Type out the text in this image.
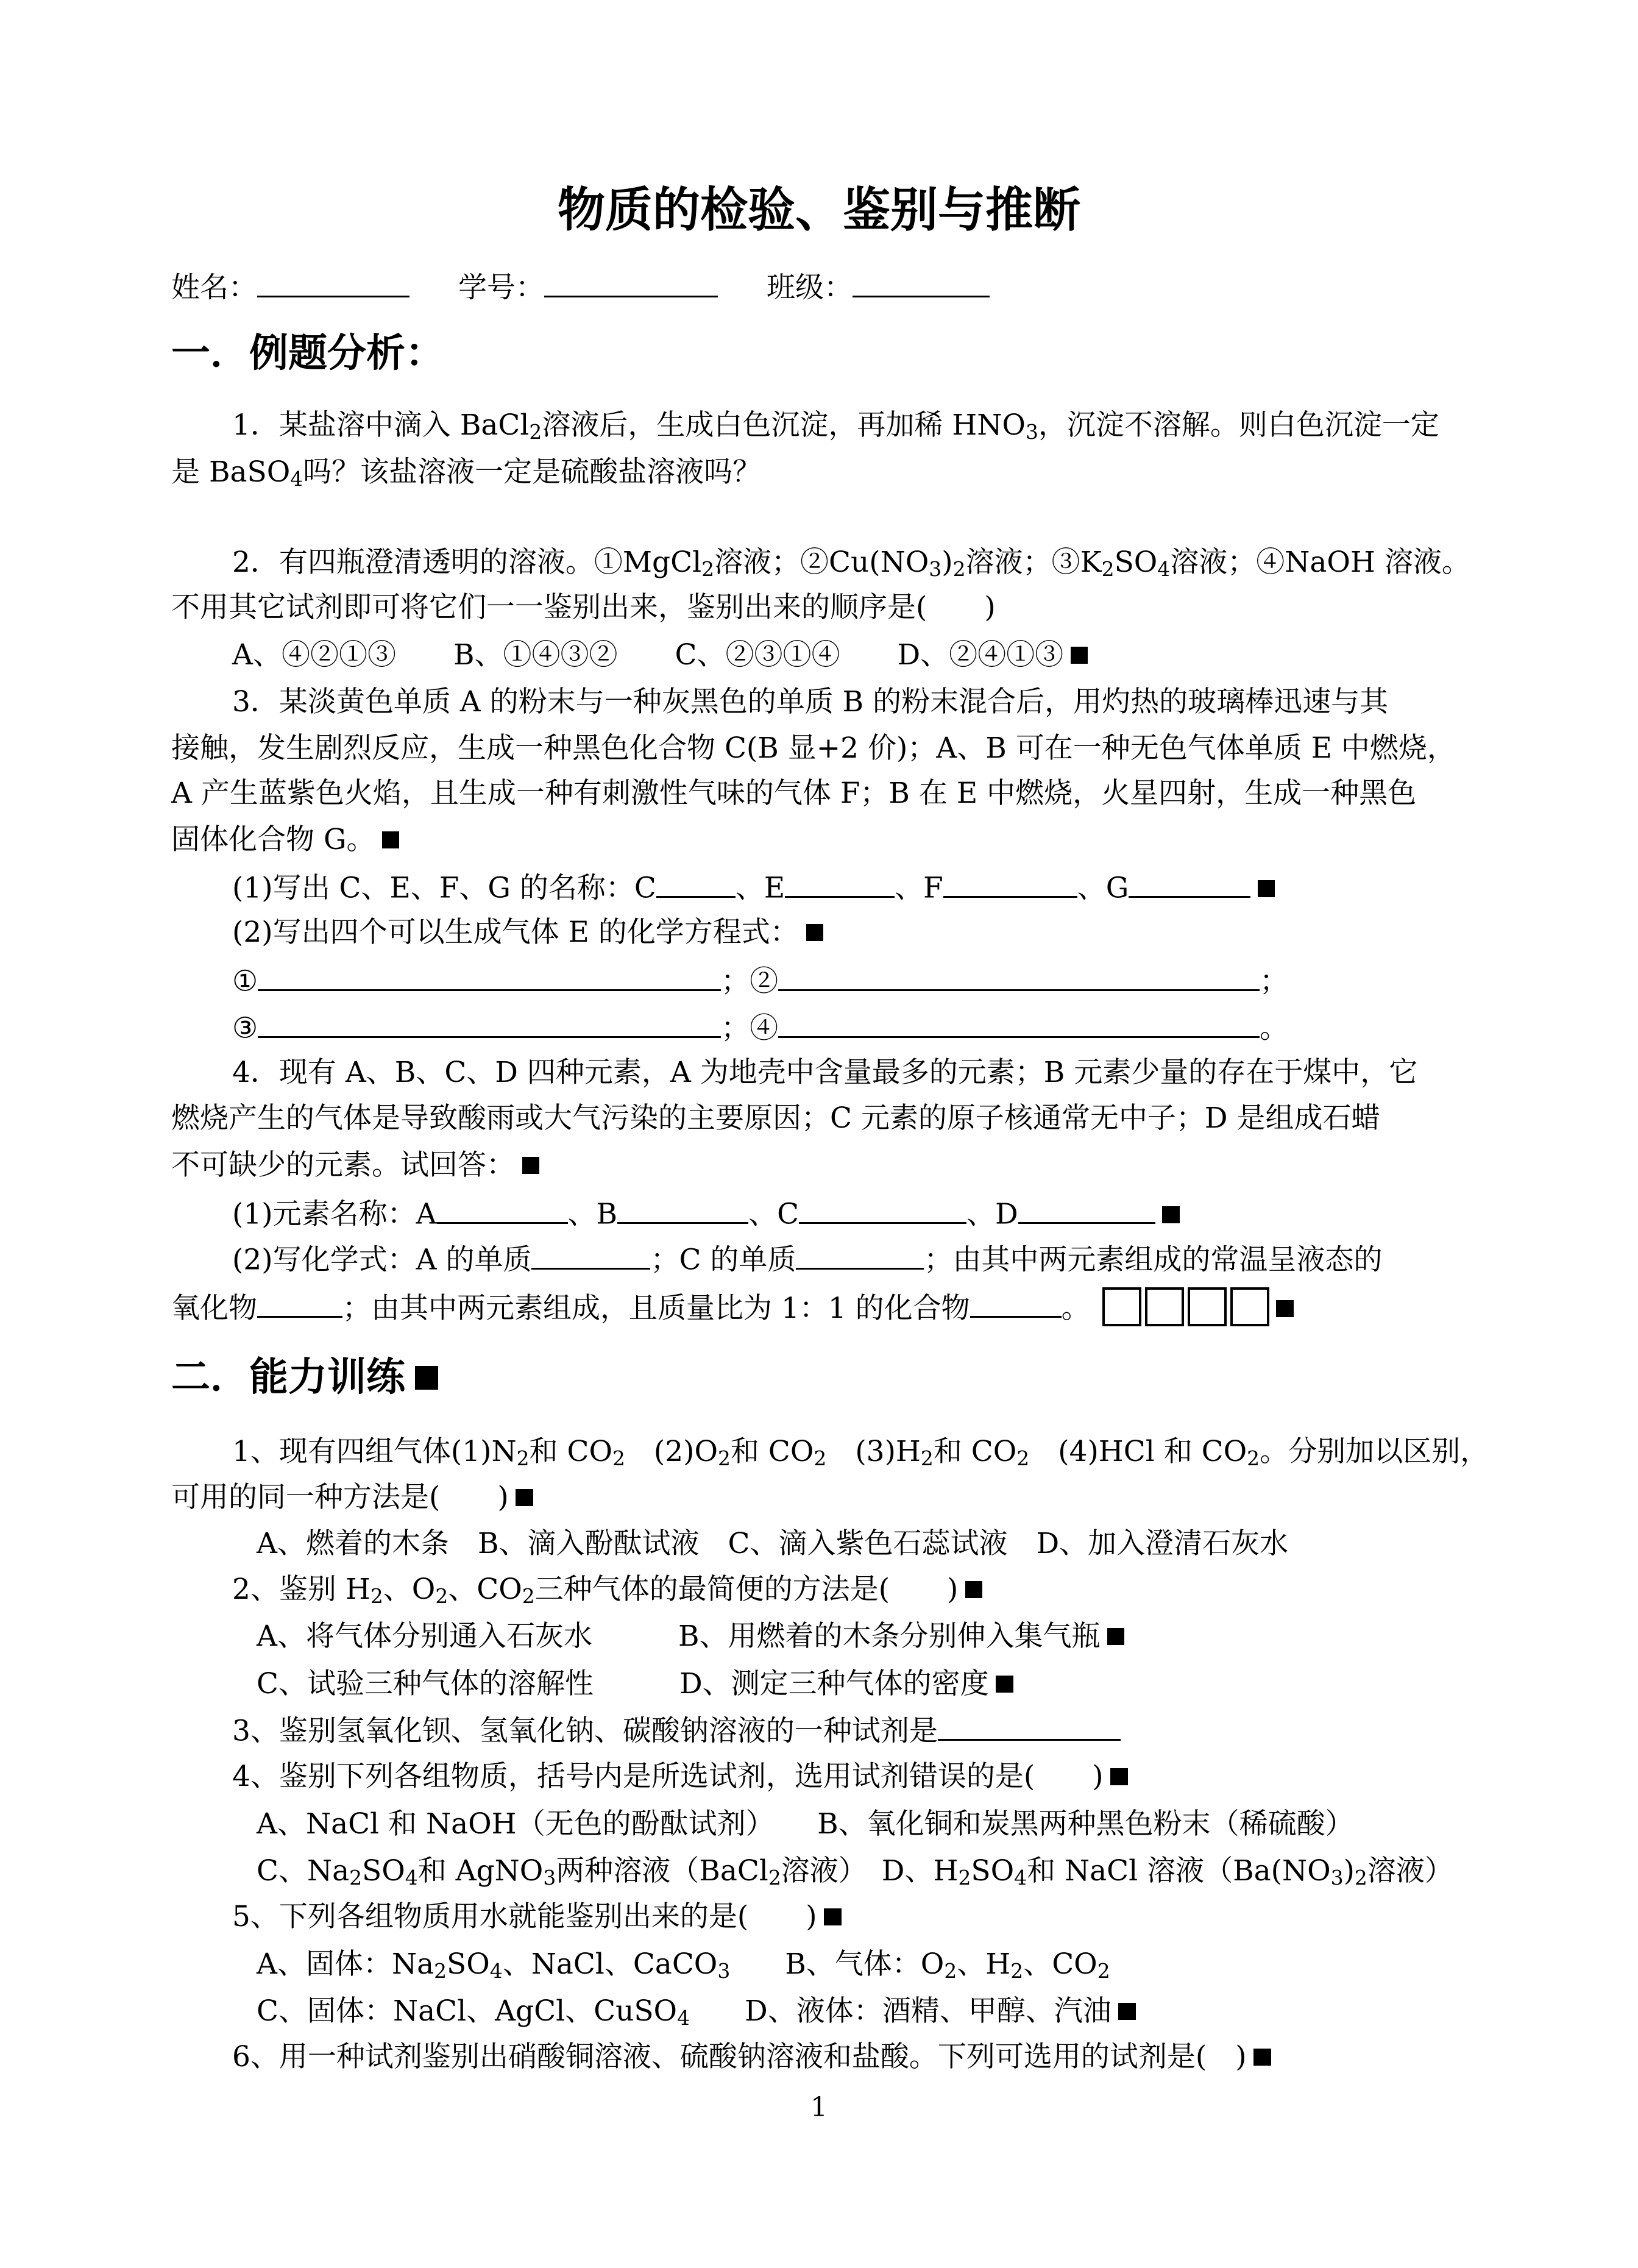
物质的检验、鉴别与推断
姓名：	学号：	班级：
一．例题分析：
1．某盐溶中滴入 BaCl$_2$溶液后，生成白色沉淀，再加稀 $HNO_3$，沉淀不溶解。则白色沉淀一定
是 BaSO$_4$吗？该盐溶液一定是硫酸盐溶液吗？
2．有四瓶澄清透明的溶液。①MgCl$_2$溶液；$②Cu(NO_3)_2$溶液；$③K_2SO_4$溶液；④NaOH 溶液。
不用其它试剂即可将它们一一鉴别出来，鉴别出来的顺序是(　　)
A、④②①③　　B、①④③②　　C、②③①④　　D、②④①③
3．某淡黄色单质 A 的粉末与一种灰黑色的单质 B 的粉末混合后，用灼热的玻璃棒迅速与其
接触，发生剧烈反应，生成一种黑色化合物 C(B 显+2 价)；A、B 可在一种无色气体单质 E 中燃烧，
A 产生蓝紫色火焰，且生成一种有刺激性气味的气体 F；B 在 E 中燃烧，火星四射，生成一种黑色
固体化合物 G。
(1)写出 C、E、F、G 的名称：C	、E	、F	、G
(2)写出四个可以生成气体 E 的化学方程式：
①	；②	；
③	；④	。
4．现有 A、B、C、D 四种元素，A 为地壳中含量最多的元素；B 元素少量的存在于煤中，它
燃烧产生的气体是导致酸雨或大气污染的主要原因；C 元素的原子核通常无中子；D 是组成石蜡
不可缺少的元素。试回答：
(1)元素名称：A	、B	、C	、D
(2)写化学式：A 的单质	；C 的单质	；由其中两元素组成的常温呈液态的
氧化物	；由其中两元素组成，且质量比为 1：1 的化合物	。
二．能力训练
1、现有四组气体$(1)N_2$和 $CO_2$　$(2)O_2$和 $CO_2$　$(3)H_2$和 $CO_2$　(4)HCl 和 $CO_2$。分别加以区别，
可用的同一种方法是(　　)
A、燃着的木条　B、滴入酚酞试液　C、滴入紫色石蕊试液　D、加入澄清石灰水
2、鉴别 $H_2$、$O_2$、$CO_2$三种气体的最简便的方法是(　　)
A、将气体分别通入石灰水　　　B、用燃着的木条分别伸入集气瓶
C、试验三种气体的溶解性　　　D、测定三种气体的密度
3、鉴别氢氧化钡、氢氧化钠、碳酸钠溶液的一种试剂是
4、鉴别下列各组物质，括号内是所选试剂，选用试剂错误的是(　　)
A、NaCl 和 NaOH（无色的酚酞试剂）　　B、氧化铜和炭黑两种黑色粉末（稀硫酸）
C、$Na_2SO_4$和 AgNO$_3$两种溶液（BaCl$_2$溶液） D、$H_2SO_4$和 NaCl 溶液（$Ba(NO_3)_2$溶液）
5、下列各组物质用水就能鉴别出来的是(　　)
A、固体：$Na_2SO_4$、NaCl、CaCO$_3$ B、气体：$O_2$、$H_2$、$CO_2$
C、固体：NaCl、AgCl、CuSO$_4$ D、液体：酒精、甲醇、汽油
6、用一种试剂鉴别出硝酸铜溶液、硫酸钠溶液和盐酸。下列可选用的试剂是(　)
1
